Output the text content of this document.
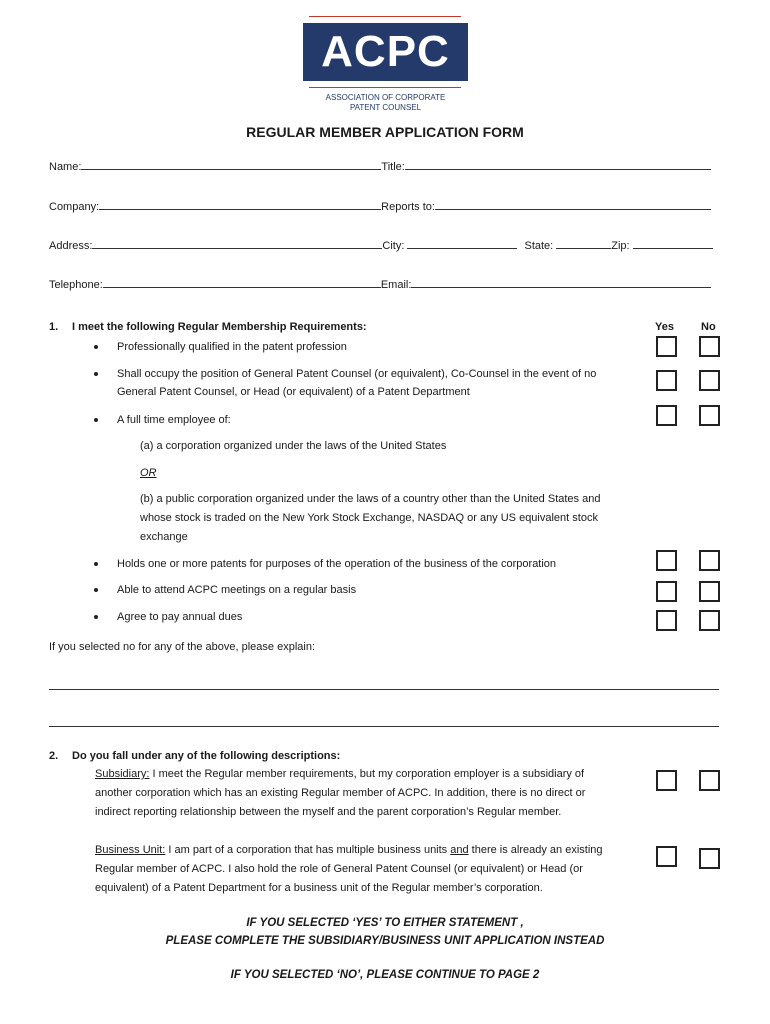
ACPC
ASSOCIATION OF CORPORATE
PATENT COUNSEL
REGULAR MEMBER APPLICATION FORM
Name:	Title:
Company:	Reports to:
Address:	City:	State:	Zip:
Telephone:	Email:
1. I meet the following Regular Membership Requirements:	Yes No
Professionally qualified in the patent profession
Shall occupy the position of General Patent Counsel (or equivalent), Co-Counsel in the event of no
General Patent Counsel, or Head (or equivalent) of a Patent Department
A full time employee of:
(a) a corporation organized under the laws of the United States
OR
(b) a public corporation organized under the laws of a country other than the United States and
whose stock is traded on the New York Stock Exchange, NASDAQ or any US equivalent stock
exchange
Holds one or more patents for purposes of the operation of the business of the corporation
Able to attend ACPC meetings on a regular basis
Agree to pay annual dues
If you selected no for any of the above, please explain:
2. Do you fall under any of the following descriptions:
Subsidiary: I meet the Regular member requirements, but my corporation employer is a subsidiary of
another corporation which has an existing Regular member of ACPC. In addition, there is no direct or
indirect reporting relationship between the myself and the parent corporation’s Regular member.
Business Unit: I am part of a corporation that has multiple business units and there is already an existing
Regular member of ACPC. I also hold the role of General Patent Counsel (or equivalent) or Head (or
equivalent) of a Patent Department for a business unit of the Regular member’s corporation.
IF YOU SELECTED ‘YES’ TO EITHER STATEMENT ,
PLEASE COMPLETE THE SUBSIDIARY/BUSINESS UNIT APPLICATION INSTEAD
IF YOU SELECTED ‘NO’, PLEASE CONTINUE TO PAGE 2
